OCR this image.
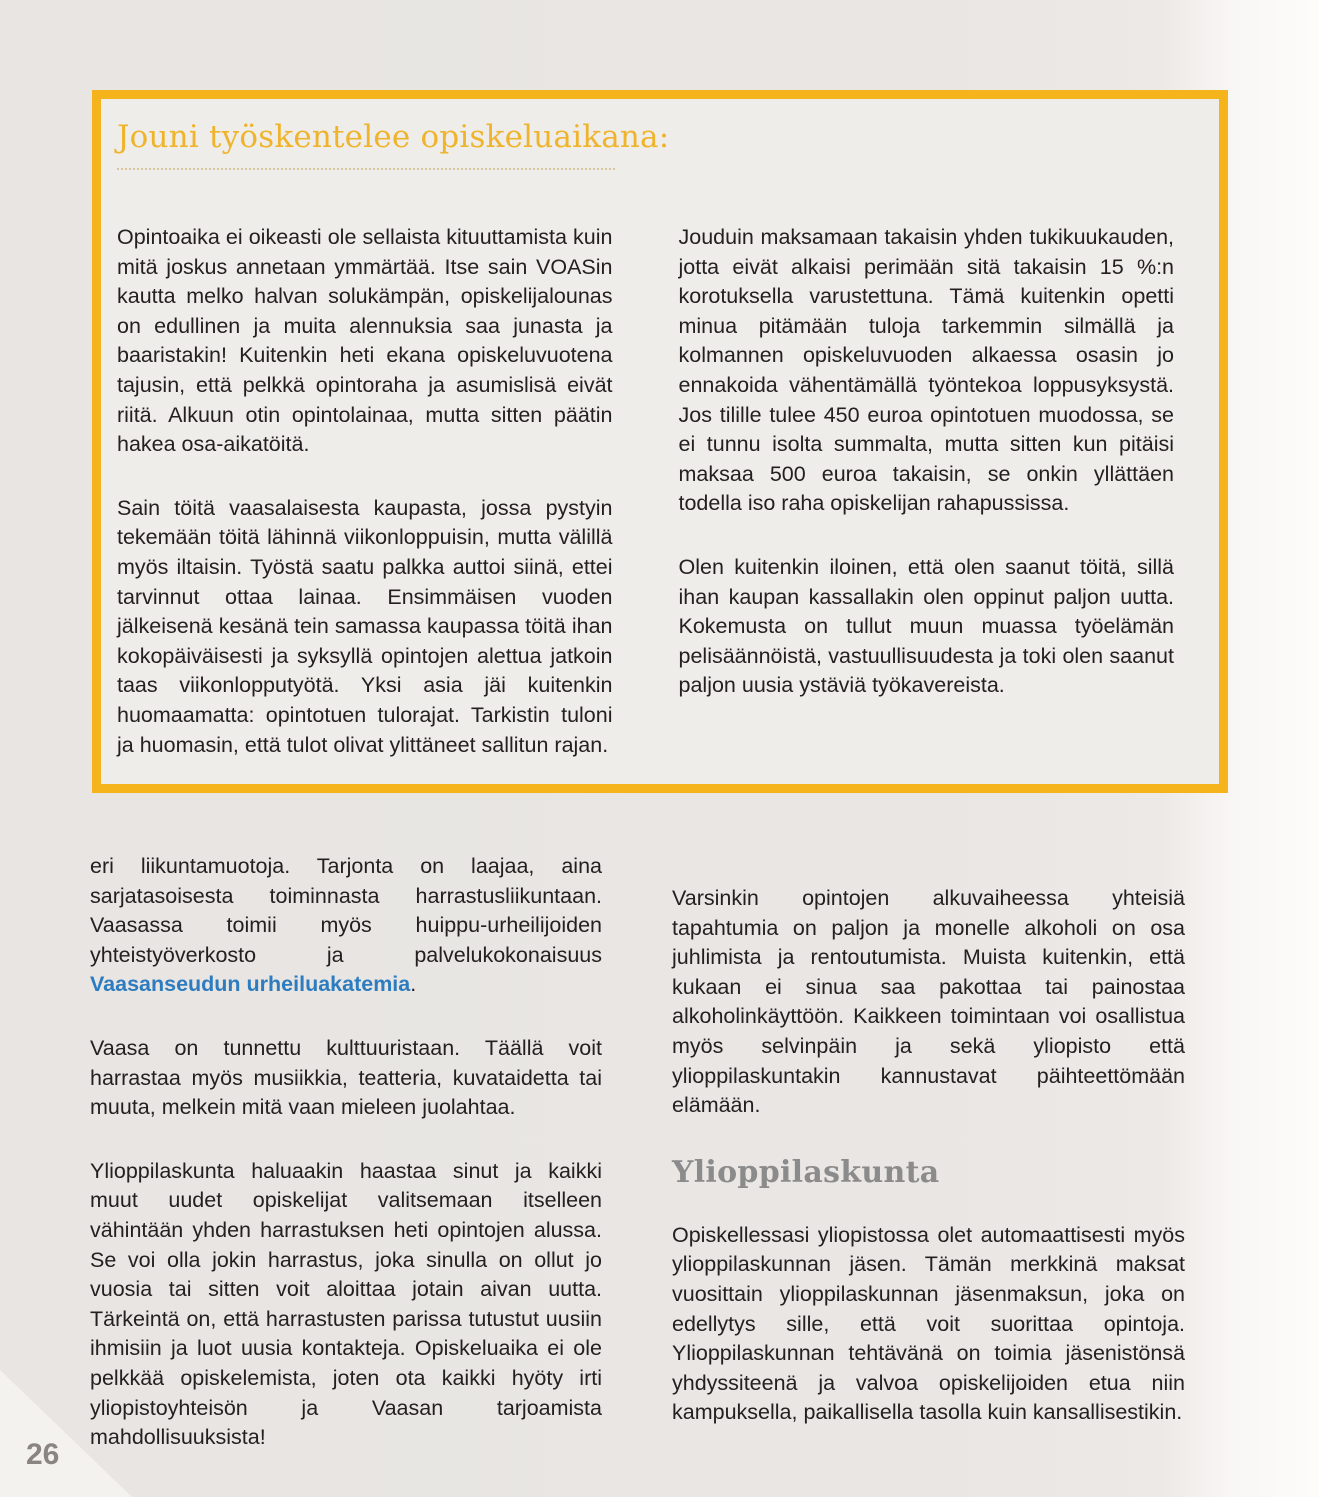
Jouni työskentelee opiskeluaikana:

Opintoaika ei oikeasti ole sellaista kituuttamista kuin mitä joskus annetaan ymmärtää. Itse sain VOASin kautta melko halvan solukämpän, opiskelijalounas on edullinen ja muita alennuksia saa junasta ja baaristakin! Kuitenkin heti ekana opiskeluvuotena tajusin, että pelkkä opintoraha ja asumislisä eivät riitä. Alkuun otin opintolainaa, mutta sitten päätin hakea osa-aikatöitä.

Sain töitä vaasalaisesta kaupasta, jossa pystyin tekemään töitä lähinnä viikonloppuisin, mutta välillä myös iltaisin. Työstä saatu palkka auttoi siinä, ettei tarvinnut ottaa lainaa. Ensimmäisen vuoden jälkeisenä kesänä tein samassa kaupassa töitä ihan kokopäiväisesti ja syksyllä opintojen alettua jatkoin taas viikonlopputyötä. Yksi asia jäi kuitenkin huomaamatta: opintotuen tulorajat. Tarkistin tuloni ja huomasin, että tulot olivat ylittäneet sallitun rajan.

Jouduin maksamaan takaisin yhden tukikuukauden, jotta eivät alkaisi perimään sitä takaisin 15 %:n korotuksella varustettuna. Tämä kuitenkin opetti minua pitämään tuloja tarkemmin silmällä ja kolmannen opiskeluvuoden alkaessa osasin jo ennakoida vähentämällä työntekoa loppusyksystä. Jos tilille tulee 450 euroa opintotuen muodossa, se ei tunnu isolta summalta, mutta sitten kun pitäisi maksaa 500 euroa takaisin, se onkin yllättäen todella iso raha opiskelijan rahapussissa.

Olen kuitenkin iloinen, että olen saanut töitä, sillä ihan kaupan kassallakin olen oppinut paljon uutta. Kokemusta on tullut muun muassa työelämän pelisäännöistä, vastuullisuudesta ja toki olen saanut paljon uusia ystäviä työkavereista.

eri liikuntamuotoja. Tarjonta on laajaa, aina sarjatasoisesta toiminnasta harrastusliikuntaan. Vaasassa toimii myös huippu-urheilijoiden yhteistyöverkosto ja palvelukokonaisuus Vaasanseudun urheiluakatemia.

Vaasa on tunnettu kulttuuristaan. Täällä voit harrastaa myös musiikkia, teatteria, kuvataidetta tai muuta, melkein mitä vaan mieleen juolahtaa.

Ylioppilaskunta haluaakin haastaa sinut ja kaikki muut uudet opiskelijat valitsemaan itselleen vähintään yhden harrastuksen heti opintojen alussa. Se voi olla jokin harrastus, joka sinulla on ollut jo vuosia tai sitten voit aloittaa jotain aivan uutta. Tärkeintä on, että harrastusten parissa tutustut uusiin ihmisiin ja luot uusia kontakteja. Opiskeluaika ei ole pelkkää opiskelemista, joten ota kaikki hyöty irti yliopistoyhteisön ja Vaasan tarjoamista mahdollisuuksista!

Varsinkin opintojen alkuvaiheessa yhteisiä tapahtumia on paljon ja monelle alkoholi on osa juhlimista ja rentoutumista. Muista kuitenkin, että kukaan ei sinua saa pakottaa tai painostaa alkoholinkäyttöön. Kaikkeen toimintaan voi osallistua myös selvinpäin ja sekä yliopisto että ylioppilaskuntakin kannustavat päihteettömään elämään.

Ylioppilaskunta

Opiskellessasi yliopistossa olet automaattisesti myös ylioppilaskunnan jäsen. Tämän merkkinä maksat vuosittain ylioppilaskunnan jäsenmaksun, joka on edellytys sille, että voit suorittaa opintoja. Ylioppilaskunnan tehtävänä on toimia jäsenistönsä yhdyssiteenä ja valvoa opiskelijoiden etua niin kampuksella, paikallisella tasolla kuin kansallisestikin.

26
